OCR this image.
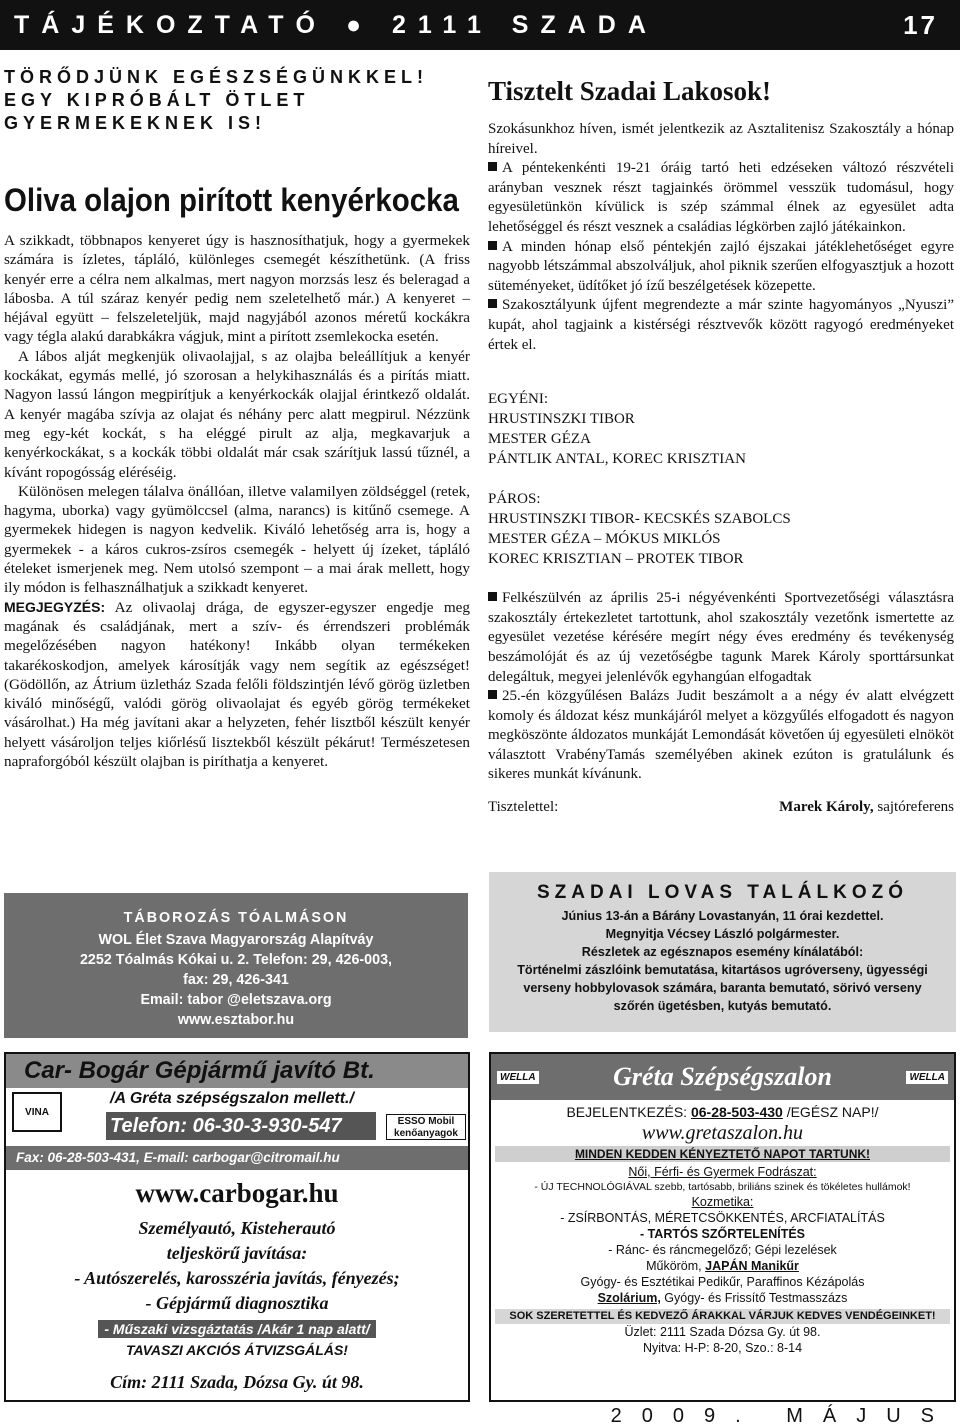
TÁJÉKOZTATÓ ● 2111 SZADA	17
TÖRŐDJÜNK EGÉSZSÉGÜNKKEL!
EGY KIPRÓBÁLT ÖTLET
GYERMEKEKNEK IS!
Oliva olajon pirított kenyérkocka

A szikkadt, többnapos kenyeret úgy is hasznosíthatjuk, hogy a gyermekek számára is ízletes, tápláló, különleges csemegét készíthetünk. (A friss kenyér erre a célra nem alkalmas, mert nagyon morzsás lesz és beleragad a lábosba. A túl száraz kenyér pedig nem szeletelhető már.) A kenyeret – héjával együtt – felszeleteljük, majd nagyjából azonos méretű kockákra vagy tégla alakú darabkákra vágjuk, mint a pirított zsemlekocka esetén.

A lábos alját megkenjük olivaolajjal, s az olajba beleállítjuk a kenyér kockákat, egymás mellé, jó szorosan a helykihasználás és a pirítás miatt. Nagyon lassú lángon megpirítjuk a kenyérkockák olajjal érintkező oldalát. A kenyér magába szívja az olajat és néhány perc alatt megpirul. Nézzünk meg egy-két kockát, s ha eléggé pirult az alja, megkavarjuk a kenyérkockákat, s a kockák többi oldalát már csak szárítjuk lassú tűznél, a kívánt ropogósság eléréséig.

Különösen melegen tálalva önállóan, illetve valamilyen zöldséggel (retek, hagyma, uborka) vagy gyümölccsel (alma, narancs) is kitűnő csemege. A gyermekek hidegen is nagyon kedvelik. Kiváló lehetőség arra is, hogy a gyermekek - a káros cukros-zsíros csemegék - helyett új ízeket, tápláló ételeket ismerjenek meg. Nem utolsó szempont – a mai árak mellett, hogy ily módon is felhasználhatjuk a szikkadt kenyeret.

MEGJEGYZÉS: Az olivaolaj drága, de egyszer-egyszer engedje meg magának és családjának, mert a szív- és érrendszeri problémák megelőzésében nagyon hatékony! Inkább olyan termékeken takarékoskodjon, amelyek károsítják vagy nem segítik az egészséget! (Gödöllőn, az Átrium üzletház Szada felőli földszintjén lévő görög üzletben kiváló minőségű, valódi görög olivaolajat és egyéb görög termékeket vásárolhat.) Ha még javítani akar a helyzeten, fehér lisztből készült kenyér helyett vásároljon teljes kiőrlésű lisztekből készült pékárut! Természetesen napraforgóból készült olajban is piríthatja a kenyeret.

Tisztelt Szadai Lakosok!

Szokásunkhoz híven, ismét jelentkezik az Asztalitenisz Szakosztály a hónap híreivel.

A péntekenkénti 19-21 óráig tartó heti edzéseken változó részvételi arányban vesznek részt tagjainkés örömmel vesszük tudomásul, hogy egyesületünkön kívülick is szép számmal élnek az egyesület adta lehetőséggel és részt vesznek a családias légkörben zajló játékainkon.

A minden hónap első péntekjén zajló éjszakai játéklehetőséget egyre nagyobb létszámmal abszolváljuk, ahol piknik szerűen elfogyasztjuk a hozott süteményeket, üdítőket jó ízű beszélgetések közepette.

Szakosztályunk újfent megrendezte a már szinte hagyományos „Nyuszi” kupát, ahol tagjaink a kistérségi résztvevők között ragyogó eredményeket értek el.

EGYÉNI:
HRUSTINSZKI TIBOR
MESTER GÉZA
PÁNTLIK ANTAL, KOREC KRISZTIAN
PÁROS:
HRUSTINSZKI TIBOR- KECSKÉS SZABOLCS
MESTER GÉZA – MÓKUS MIKLÓS
KOREC KRISZTIAN – PROTEK TIBOR

Felkészülvén az április 25-i négyévenkénti Sportvezetőségi választásra szakosztály értekezletet tartottunk, ahol szakosztály vezetőnk ismertette az egyesület vezetése kérésére megírt négy éves eredmény és tevékenység beszámolóját és az új vezetőségbe tagunk Marek Károly sporttársunkat delegáltuk, megyei jelenlévők egyhangúan elfogadtak

25.-én közgyűlésen Balázs Judit beszámolt a a négy év alatt elvégzett komoly és áldozat kész munkájáról melyet a közgyűlés elfogadott és nagyon megköszönte áldozatos munkáját Lemondását követően új egyesületi elnököt választott VrabényTamás személyében akinek ezúton is gratulálunk és sikeres munkát kívánunk.

Tisztelettel:	Marek Károly, sajtóreferens
TÁBOROZÁS TÓALMÁSON
WOL Élet Szava Magyarország Alapítváy
2252 Tóalmás Kókai u. 2. Telefon: 29, 426-003,
fax: 29, 426-341
Email: tabor @eletszava.org
www.esztabor.hu
SZADAI LOVAS TALÁLKOZÓ
Június 13-án a Bárány Lovastanyán, 11 órai kezdettel.
Megnyitja Vécsey László polgármester.
Részletek az egésznapos esemény kínálatából:
Történelmi zászlóink bemutatása, kitartásos ugróverseny, ügyességi
verseny hobbylovasok számára, baranta bemutató, sörivó verseny
szőrén ügetésben, kutyás bemutató.
Car- Bogár Gépjármű javító Bt.
VINA
/A Gréta szépségszalon mellett./
Telefon: 06-30-3-930-547	ESSO Mobil kenőanyagok
Fax: 06-28-503-431, E-mail: carbogar@citromail.hu
www.carbogar.hu
Személyautó, Kisteherautó
teljeskörű javítása:
- Autószerelés, karosszéria javítás, fényezés;
- Gépjármű diagnosztika
- Műszaki vizsgáztatás /Akár 1 nap alatt/
TAVASZI AKCIÓS ÁTVIZSGÁLÁS!
Cím: 2111 Szada, Dózsa Gy. út 98.
WELLA	Gréta Szépségszalon	WELLA
BEJELENTKEZÉS: 06-28-503-430 /EGÉSZ NAP!/
www.gretaszalon.hu
MINDEN KEDDEN KÉNYEZTETŐ NAPOT TARTUNK!
Női, Férfi- és Gyermek Fodrászat:
- ÚJ TECHNOLÓGIÁVAL szebb, tartósabb, briliáns szinek és tökéletes hullámok!
Kozmetika:
- ZSÍRBONTÁS, MÉRETCSÖKKENTÉS, ARCFIATALÍTÁS
- TARTÓS SZŐRTELENÍTÉS
- Ránc- és ráncmegelőző; Gépi lezelések
Műköröm, JAPÁN Manikűr
Gyógy- és Esztétikai Pedikűr, Paraffinos Kézápolás
Szolárium, Gyógy- és Frissítő Testmasszázs
SOK SZERETETTEL ÉS KEDVEZŐ ÁRAKKAL VÁRJUK KEDVES VENDÉGEINKET!
Üzlet: 2111 Szada Dózsa Gy. út 98.
Nyitva: H-P: 8-20, Szo.: 8-14
2009. MÁJUS
